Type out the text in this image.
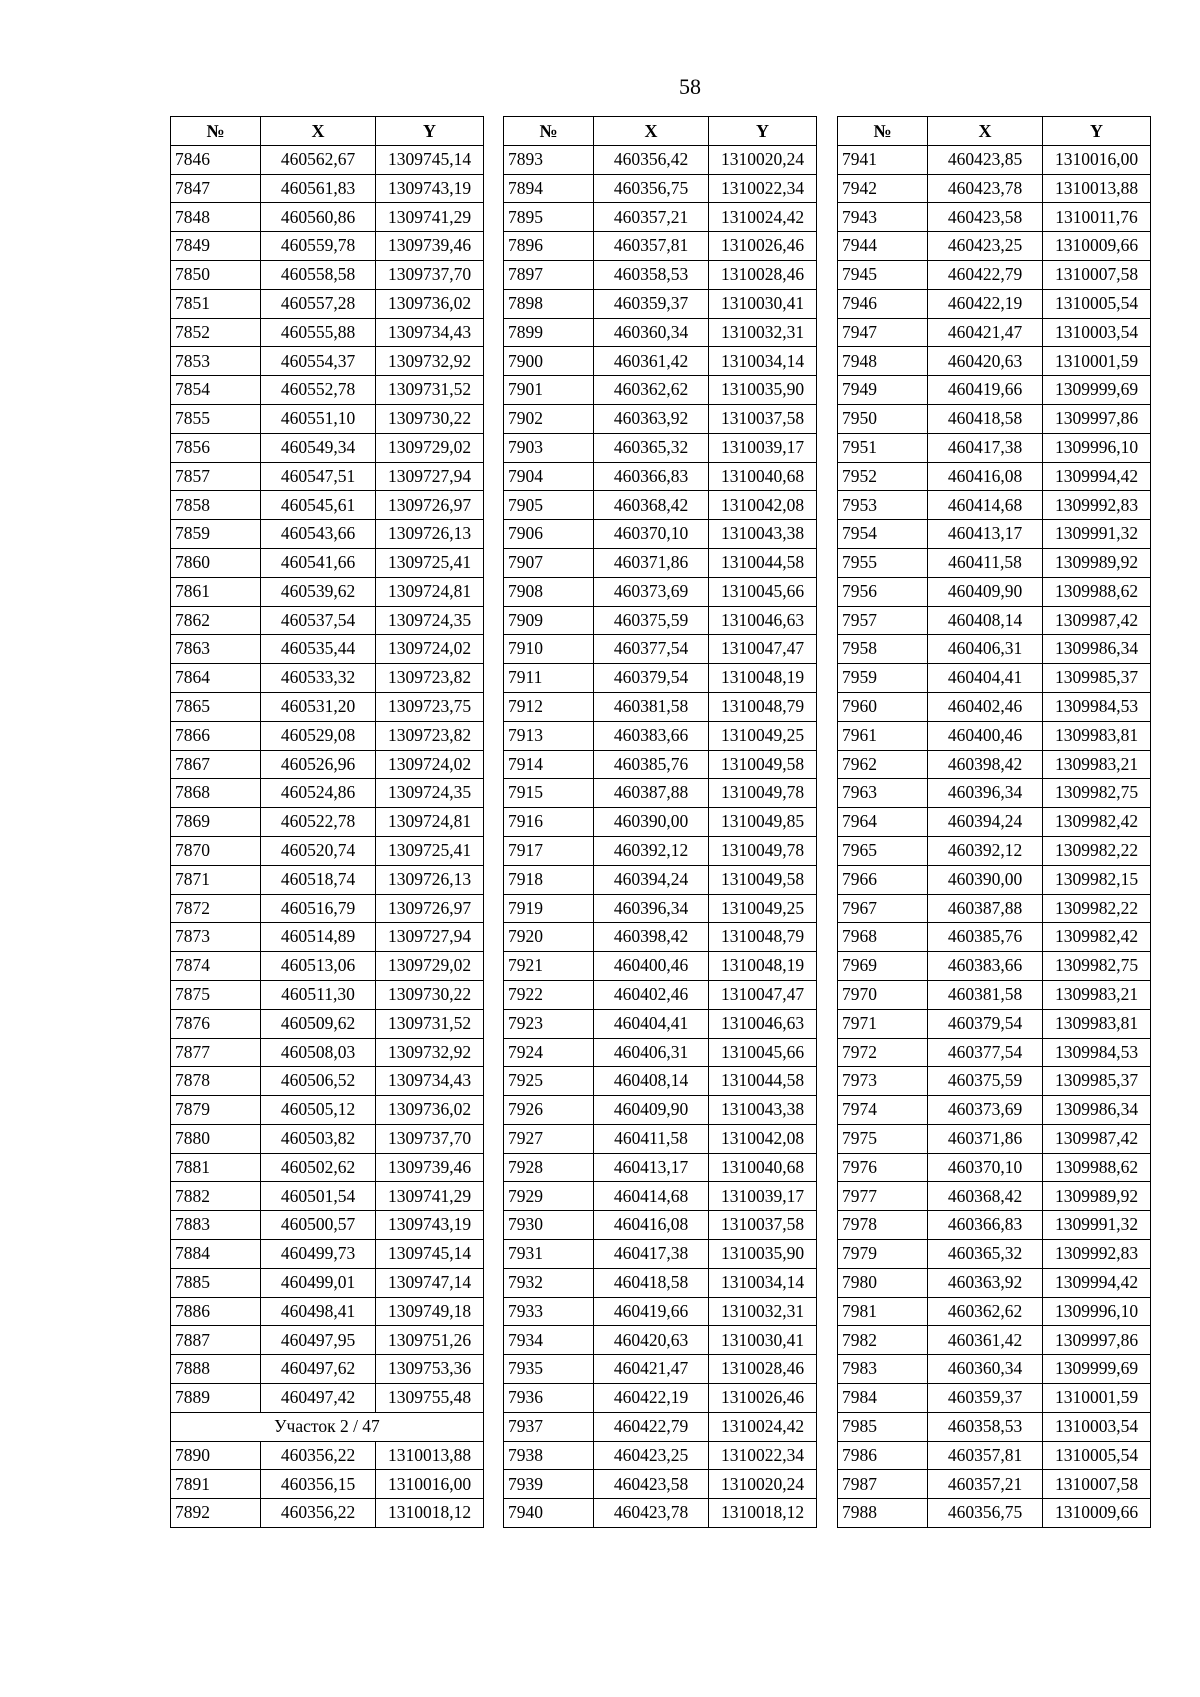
58
№	X	Y
7846	460562,67	1309745,14
7847	460561,83	1309743,19
7848	460560,86	1309741,29
7849	460559,78	1309739,46
7850	460558,58	1309737,70
7851	460557,28	1309736,02
7852	460555,88	1309734,43
7853	460554,37	1309732,92
7854	460552,78	1309731,52
7855	460551,10	1309730,22
7856	460549,34	1309729,02
7857	460547,51	1309727,94
7858	460545,61	1309726,97
7859	460543,66	1309726,13
7860	460541,66	1309725,41
7861	460539,62	1309724,81
7862	460537,54	1309724,35
7863	460535,44	1309724,02
7864	460533,32	1309723,82
7865	460531,20	1309723,75
7866	460529,08	1309723,82
7867	460526,96	1309724,02
7868	460524,86	1309724,35
7869	460522,78	1309724,81
7870	460520,74	1309725,41
7871	460518,74	1309726,13
7872	460516,79	1309726,97
7873	460514,89	1309727,94
7874	460513,06	1309729,02
7875	460511,30	1309730,22
7876	460509,62	1309731,52
7877	460508,03	1309732,92
7878	460506,52	1309734,43
7879	460505,12	1309736,02
7880	460503,82	1309737,70
7881	460502,62	1309739,46
7882	460501,54	1309741,29
7883	460500,57	1309743,19
7884	460499,73	1309745,14
7885	460499,01	1309747,14
7886	460498,41	1309749,18
7887	460497,95	1309751,26
7888	460497,62	1309753,36
7889	460497,42	1309755,48
Участок 2 / 47		
7890	460356,22	1310013,88
7891	460356,15	1310016,00
7892	460356,22	1310018,12
№	X	Y
7893	460356,42	1310020,24
7894	460356,75	1310022,34
7895	460357,21	1310024,42
7896	460357,81	1310026,46
7897	460358,53	1310028,46
7898	460359,37	1310030,41
7899	460360,34	1310032,31
7900	460361,42	1310034,14
7901	460362,62	1310035,90
7902	460363,92	1310037,58
7903	460365,32	1310039,17
7904	460366,83	1310040,68
7905	460368,42	1310042,08
7906	460370,10	1310043,38
7907	460371,86	1310044,58
7908	460373,69	1310045,66
7909	460375,59	1310046,63
7910	460377,54	1310047,47
7911	460379,54	1310048,19
7912	460381,58	1310048,79
7913	460383,66	1310049,25
7914	460385,76	1310049,58
7915	460387,88	1310049,78
7916	460390,00	1310049,85
7917	460392,12	1310049,78
7918	460394,24	1310049,58
7919	460396,34	1310049,25
7920	460398,42	1310048,79
7921	460400,46	1310048,19
7922	460402,46	1310047,47
7923	460404,41	1310046,63
7924	460406,31	1310045,66
7925	460408,14	1310044,58
7926	460409,90	1310043,38
7927	460411,58	1310042,08
7928	460413,17	1310040,68
7929	460414,68	1310039,17
7930	460416,08	1310037,58
7931	460417,38	1310035,90
7932	460418,58	1310034,14
7933	460419,66	1310032,31
7934	460420,63	1310030,41
7935	460421,47	1310028,46
7936	460422,19	1310026,46
7937	460422,79	1310024,42
7938	460423,25	1310022,34
7939	460423,58	1310020,24
7940	460423,78	1310018,12
№	X	Y
7941	460423,85	1310016,00
7942	460423,78	1310013,88
7943	460423,58	1310011,76
7944	460423,25	1310009,66
7945	460422,79	1310007,58
7946	460422,19	1310005,54
7947	460421,47	1310003,54
7948	460420,63	1310001,59
7949	460419,66	1309999,69
7950	460418,58	1309997,86
7951	460417,38	1309996,10
7952	460416,08	1309994,42
7953	460414,68	1309992,83
7954	460413,17	1309991,32
7955	460411,58	1309989,92
7956	460409,90	1309988,62
7957	460408,14	1309987,42
7958	460406,31	1309986,34
7959	460404,41	1309985,37
7960	460402,46	1309984,53
7961	460400,46	1309983,81
7962	460398,42	1309983,21
7963	460396,34	1309982,75
7964	460394,24	1309982,42
7965	460392,12	1309982,22
7966	460390,00	1309982,15
7967	460387,88	1309982,22
7968	460385,76	1309982,42
7969	460383,66	1309982,75
7970	460381,58	1309983,21
7971	460379,54	1309983,81
7972	460377,54	1309984,53
7973	460375,59	1309985,37
7974	460373,69	1309986,34
7975	460371,86	1309987,42
7976	460370,10	1309988,62
7977	460368,42	1309989,92
7978	460366,83	1309991,32
7979	460365,32	1309992,83
7980	460363,92	1309994,42
7981	460362,62	1309996,10
7982	460361,42	1309997,86
7983	460360,34	1309999,69
7984	460359,37	1310001,59
7985	460358,53	1310003,54
7986	460357,81	1310005,54
7987	460357,21	1310007,58
7988	460356,75	1310009,66
